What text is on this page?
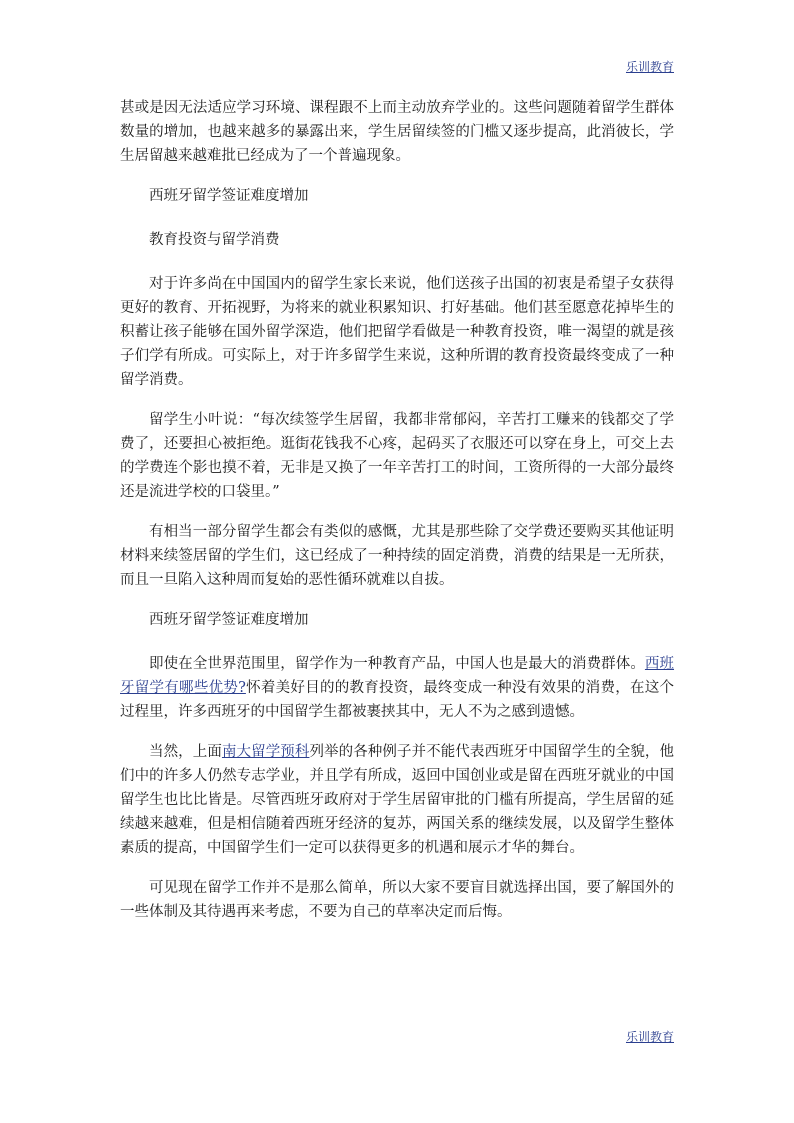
乐训教育

甚或是因无法适应学习环境、课程跟不上而主动放弃学业的。这些问题随着留学生群体数量的增加，也越来越多的暴露出来，学生居留续签的门槛又逐步提高，此消彼长，学生居留越来越难批已经成为了一个普遍现象。

西班牙留学签证难度增加

教育投资与留学消费

对于许多尚在中国国内的留学生家长来说，他们送孩子出国的初衷是希望子女获得更好的教育、开拓视野，为将来的就业积累知识、打好基础。他们甚至愿意花掉毕生的积蓄让孩子能够在国外留学深造，他们把留学看做是一种教育投资，唯一渴望的就是孩子们学有所成。可实际上，对于许多留学生来说，这种所谓的教育投资最终变成了一种留学消费。

留学生小叶说：“每次续签学生居留，我都非常郁闷，辛苦打工赚来的钱都交了学费了，还要担心被拒绝。逛街花钱我不心疼，起码买了衣服还可以穿在身上，可交上去的学费连个影也摸不着，无非是又换了一年辛苦打工的时间，工资所得的一大部分最终还是流进学校的口袋里。”

有相当一部分留学生都会有类似的感慨，尤其是那些除了交学费还要购买其他证明材料来续签居留的学生们，这已经成了一种持续的固定消费，消费的结果是一无所获，而且一旦陷入这种周而复始的恶性循环就难以自拔。

西班牙留学签证难度增加

即使在全世界范围里，留学作为一种教育产品，中国人也是最大的消费群体。西班牙留学有哪些优势?怀着美好目的的教育投资，最终变成一种没有效果的消费，在这个过程里，许多西班牙的中国留学生都被裹挟其中，无人不为之感到遗憾。

当然，上面南大留学预科列举的各种例子并不能代表西班牙中国留学生的全貌，他们中的许多人仍然专志学业，并且学有所成，返回中国创业或是留在西班牙就业的中国留学生也比比皆是。尽管西班牙政府对于学生居留审批的门槛有所提高，学生居留的延续越来越难，但是相信随着西班牙经济的复苏，两国关系的继续发展，以及留学生整体素质的提高，中国留学生们一定可以获得更多的机遇和展示才华的舞台。

可见现在留学工作并不是那么简单，所以大家不要盲目就选择出国，要了解国外的一些体制及其待遇再来考虑，不要为自己的草率决定而后悔。

乐训教育
